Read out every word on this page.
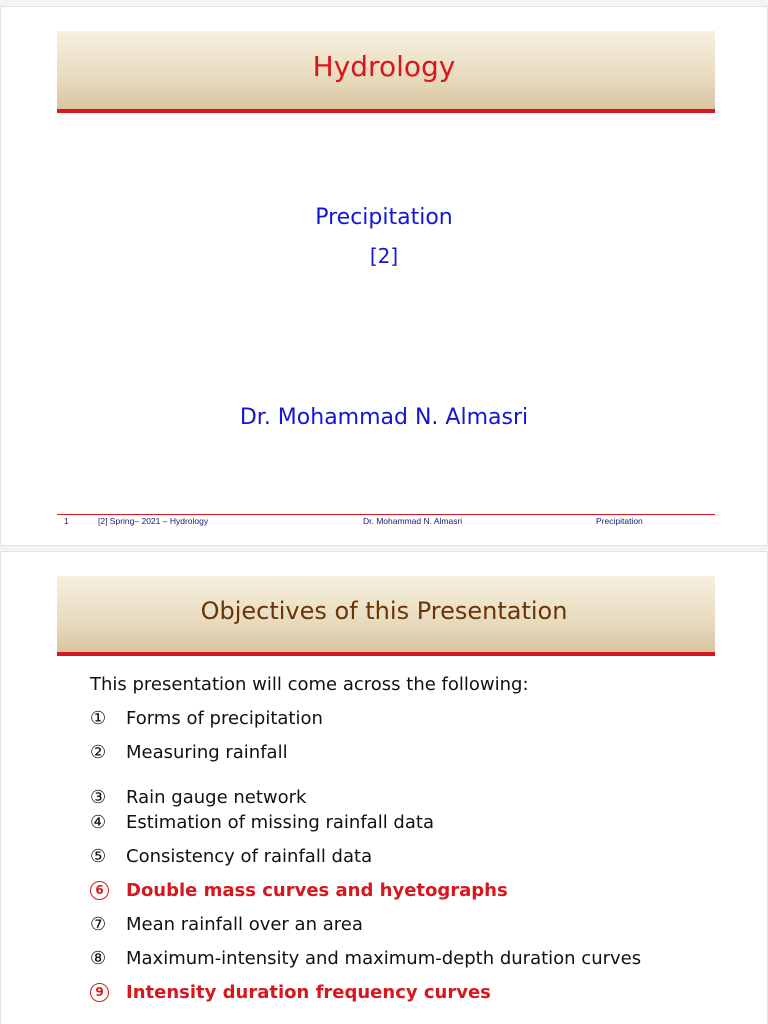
Hydrology
Precipitation
[2]
Dr. Mohammad N. Almasri
1	[2] Spring– 2021 – Hydrology	Dr. Mohammad N. Almasri	Precipitation
Objectives of this Presentation
This presentation will come across the following:
① Forms of precipitation
② Measuring rainfall
③ Rain gauge network
④ Estimation of missing rainfall data
⑤ Consistency of rainfall data
6 Double mass curves and hyetographs
⑦ Mean rainfall over an area
⑧ Maximum-intensity and maximum-depth duration curves
9 Intensity duration frequency curves
